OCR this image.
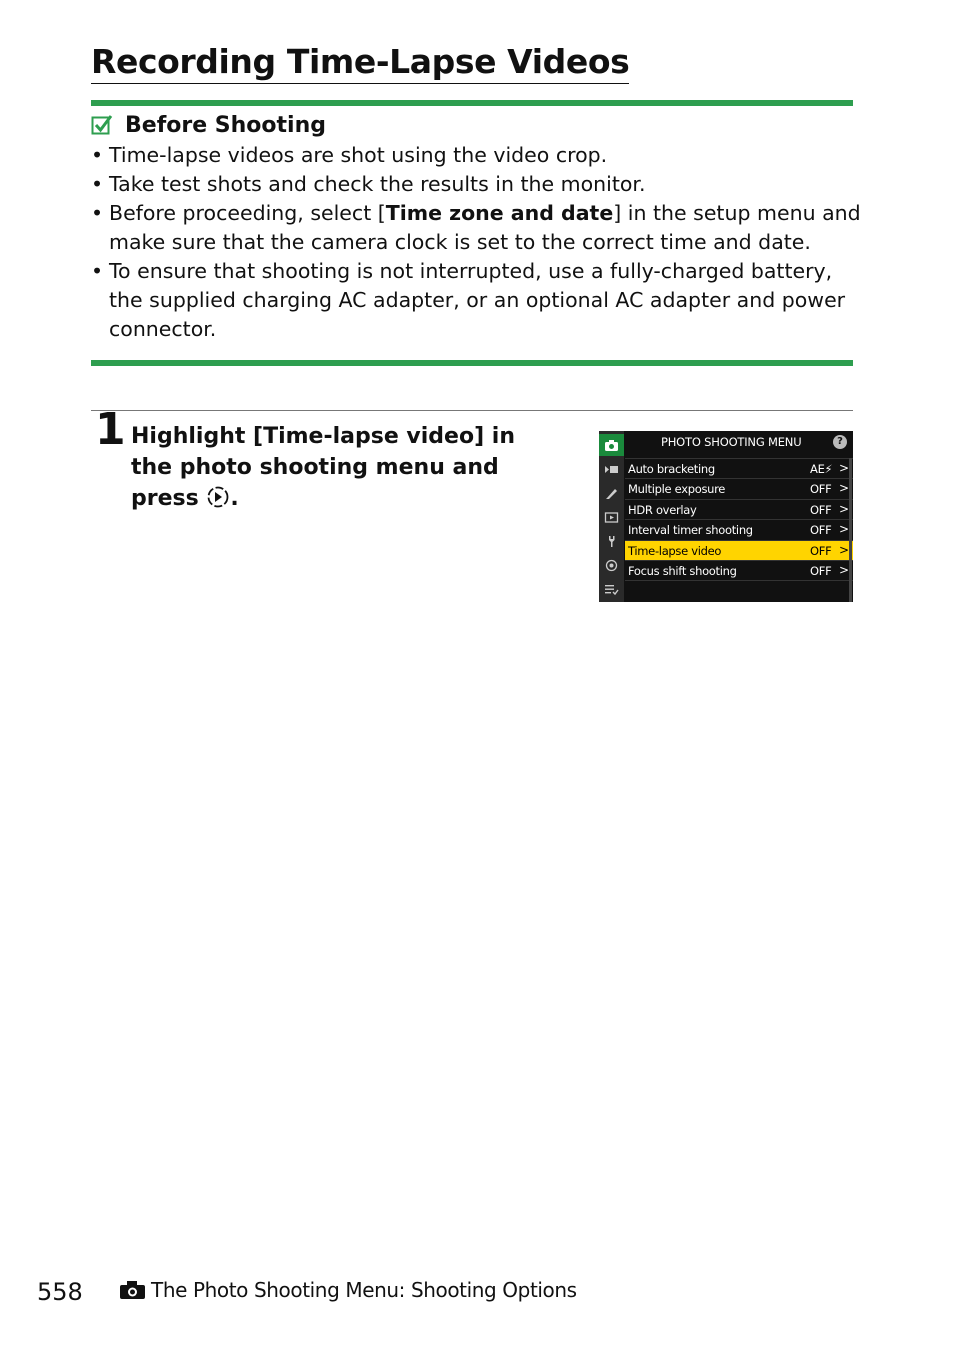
Recording Time-Lapse Videos
Before Shooting
• Time-lapse videos are shot using the video crop.
• Take test shots and check the results in the monitor.
• Before proceeding, select [Time zone and date] in the setup menu and make sure that the camera clock is set to the correct time and date.
• To ensure that shooting is not interrupted, use a fully-charged battery, the supplied charging AC adapter, or an optional AC adapter and power connector.
1 Highlight [Time-lapse video] in the photo shooting menu and press .
PHOTO SHOOTING MENU	?
Auto bracketing	AE⚡ >
Multiple exposure	OFF >
HDR overlay	OFF >
Interval timer shooting	OFF >
Time-lapse video	OFF >
Focus shift shooting	OFF >
558	The Photo Shooting Menu: Shooting Options
